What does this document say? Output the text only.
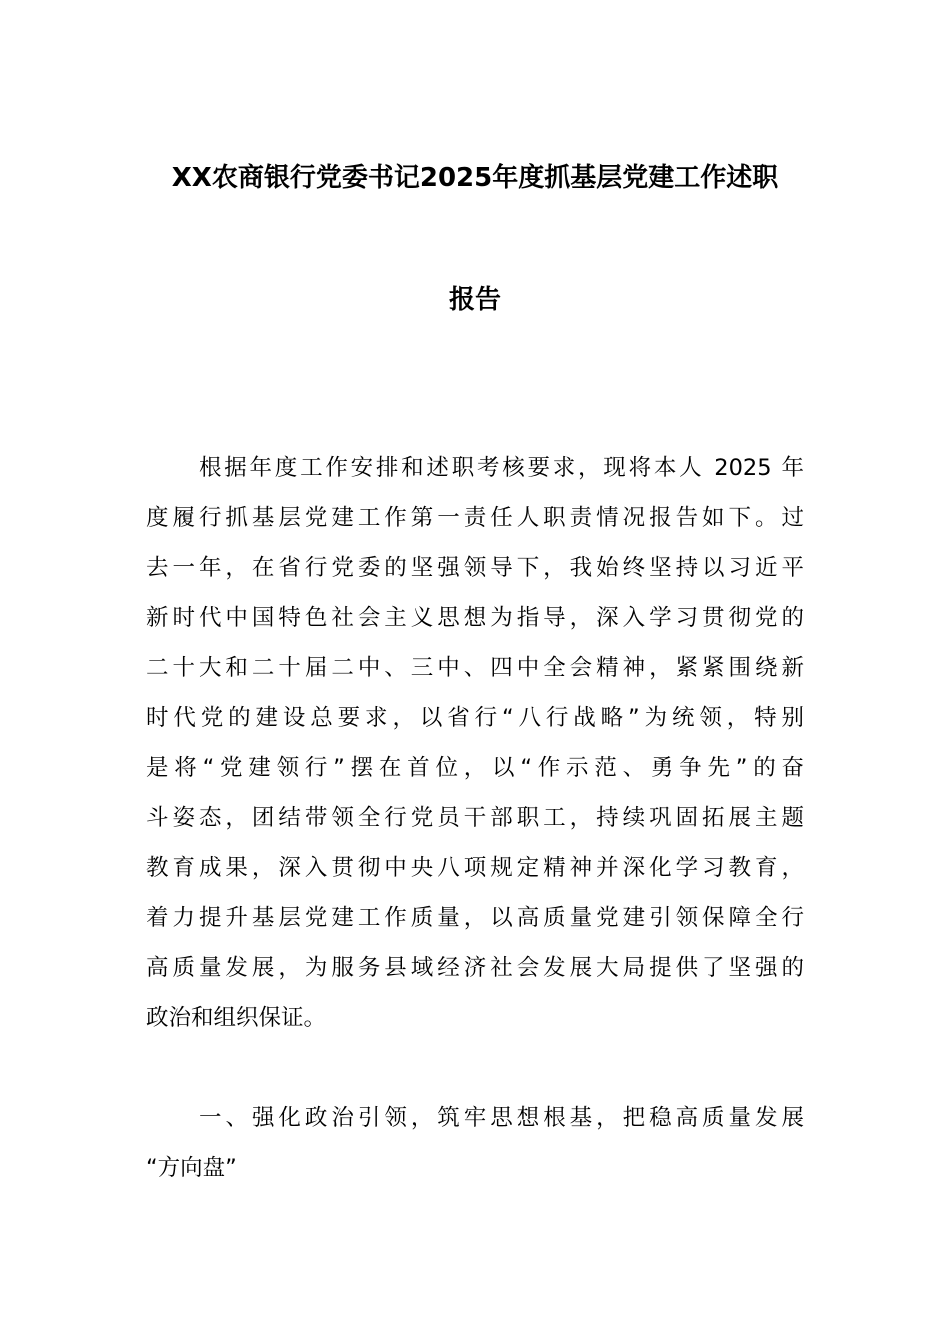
XX农商银行党委书记2025年度抓基层党建工作述职
报告
根据年度工作安排和述职考核要求，现将本人 2025 年
度履行抓基层党建工作第一责任人职责情况报告如下。过
去一年，在省行党委的坚强领导下，我始终坚持以习近平
新时代中国特色社会主义思想为指导，深入学习贯彻党的
二十大和二十届二中、三中、四中全会精神，紧紧围绕新
时代党的建设总要求，以省行“八行战略”为统领，特别
是将“党建领行”摆在首位，以“作示范、勇争先”的奋
斗姿态，团结带领全行党员干部职工，持续巩固拓展主题
教育成果，深入贯彻中央八项规定精神并深化学习教育，
着力提升基层党建工作质量，以高质量党建引领保障全行
高质量发展，为服务县域经济社会发展大局提供了坚强的
政治和组织保证。
一、强化政治引领，筑牢思想根基，把稳高质量发展
“方向盘”
